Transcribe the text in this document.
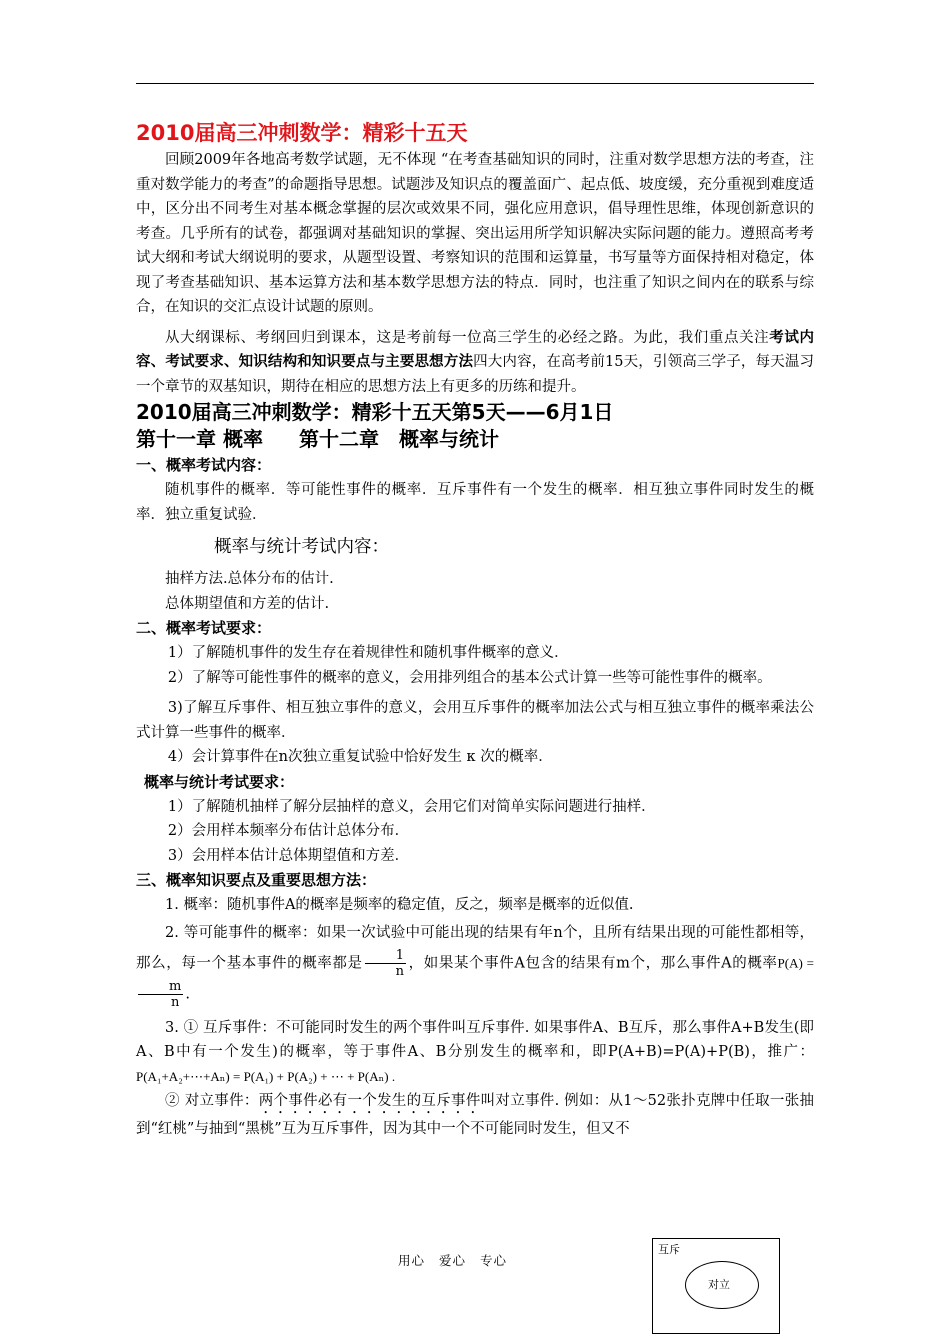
2010届高三冲刺数学：精彩十五天

回顾2009年各地高考数学试题，无不体现 “在考查基础知识的同时，注重对数学思想方法的考查，注重对数学能力的考查”的命题指导思想。试题涉及知识点的覆盖面广、起点低、坡度缓，充分重视到难度适中，区分出不同考生对基本概念掌握的层次或效果不同，强化应用意识，倡导理性思维，体现创新意识的考查。几乎所有的试卷，都强调对基础知识的掌握、突出运用所学知识解决实际问题的能力。遵照高考考试大纲和考试大纲说明的要求，从题型设置、考察知识的范围和运算量，书写量等方面保持相对稳定，体现了考查基础知识、基本运算方法和基本数学思想方法的特点．同时，也注重了知识之间内在的联系与综合，在知识的交汇点设计试题的原则。

从大纲课标、考纲回归到课本，这是考前每一位高三学生的必经之路。为此，我们重点关注考试内容、考试要求、知识结构和知识要点与主要思想方法四大内容，在高考前15天，引领高三学子，每天温习一个章节的双基知识，期待在相应的思想方法上有更多的历练和提升。

2010届高三冲刺数学：精彩十五天第5天——6月1日

第十一章 概率 第十二章　概率与统计

一、概率考试内容：

随机事件的概率．等可能性事件的概率．互斥事件有一个发生的概率．相互独立事件同时发生的概率．独立重复试验．

概率与统计考试内容：

抽样方法.总体分布的估计.

总体期望值和方差的估计.

二、概率考试要求：

1）了解随机事件的发生存在着规律性和随机事件概率的意义．

2）了解等可能性事件的概率的意义，会用排列组合的基本公式计算一些等可能性事件的概率。

3)了解互斥事件、相互独立事件的意义，会用互斥事件的概率加法公式与相互独立事件的概率乘法公式计算一些事件的概率．

4）会计算事件在n次独立重复试验中恰好发生 κ 次的概率．

概率与统计考试要求：

1）了解随机抽样了解分层抽样的意义，会用它们对简单实际问题进行抽样．

2）会用样本频率分布估计总体分布．

3）会用样本估计总体期望值和方差．

三、概率知识要点及重要思想方法：

1. 概率：随机事件A的概率是频率的稳定值，反之，频率是概率的近似值.

2. 等可能事件的概率：如果一次试验中可能出现的结果有年n个，且所有结果出现的可能性都相等，那么，每一个基本事件的概率都是 $\frac{1}{n}$ ，如果某个事件A包含的结果有m个，那么事件A的概率P(A) =
$\frac{m}{n}$ .

3. ① 互斥事件：不可能同时发生的两个事件叫互斥事件. 如果事件A、B互斥，那么事件A+B发生(即A、B中有一个发生)的概率，等于事件A、B分别发生的概率和，即P(A+B)=P(A)+P(B)，推广：P(A₁+A₂+⋯+Aₙ) = P(A₁) + P(A₂) + ⋯ + P(Aₙ) .

② 对立事件：两个事件必有一个发生的互斥事件叫对立事件. 例如：从1～52张扑克牌中任取一张抽到“红桃”与抽到“黑桃”互为互斥事件，因为其中一个不可能同时发生，但又不

用心 爱心 专心
互斥
对立
